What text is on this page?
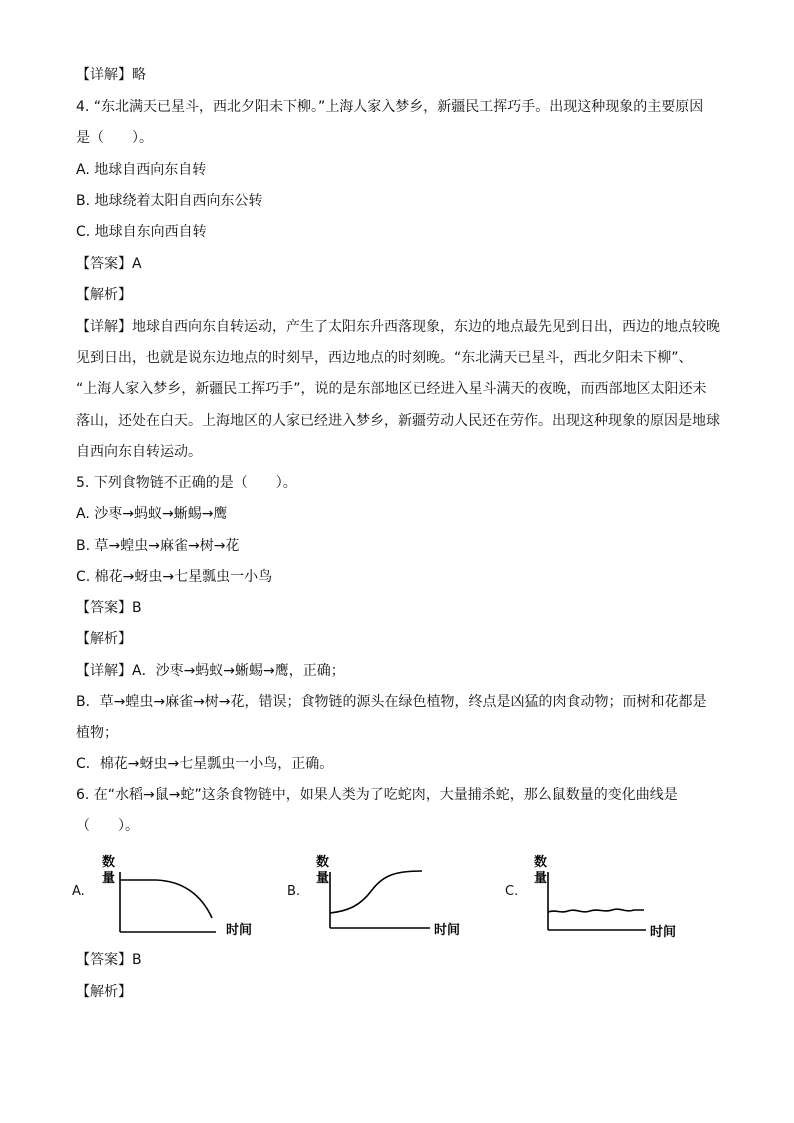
【详解】略
4. “东北满天已星斗，西北夕阳未下柳。”上海人家入梦乡，新疆民工挥巧手。出现这种现象的主要原因
是（　　）。
A. 地球自西向东自转
B. 地球绕着太阳自西向东公转
C. 地球自东向西自转
【答案】A
【解析】
【详解】地球自西向东自转运动，产生了太阳东升西落现象，东边的地点最先见到日出，西边的地点较晚
见到日出，也就是说东边地点的时刻早，西边地点的时刻晚。“东北满天已星斗，西北夕阳未下柳”、
“上海人家入梦乡，新疆民工挥巧手”，说的是东部地区已经进入星斗满天的夜晚，而西部地区太阳还未
落山，还处在白天。上海地区的人家已经进入梦乡，新疆劳动人民还在劳作。出现这种现象的原因是地球
自西向东自转运动。
5. 下列食物链不正确的是（　　）。
A. 沙枣→蚂蚁→蜥蜴→鹰
B. 草→蝗虫→麻雀→树→花
C. 棉花→蚜虫→七星瓢虫一小鸟
【答案】B
【解析】
【详解】A．沙枣→蚂蚁→蜥蜴→鹰，正确；
B．草→蝗虫→麻雀→树→花，错误；食物链的源头在绿色植物，终点是凶猛的肉食动物；而树和花都是
植物；
C．棉花→蚜虫→七星瓢虫一小鸟，正确。
6. 在“水稻→鼠→蛇”这条食物链中，如果人类为了吃蛇肉，大量捕杀蛇，那么鼠数量的变化曲线是
（　　）。
A.
数
量
时间
B.
数
量
时间
C.
数
量
时间
【答案】B
【解析】
